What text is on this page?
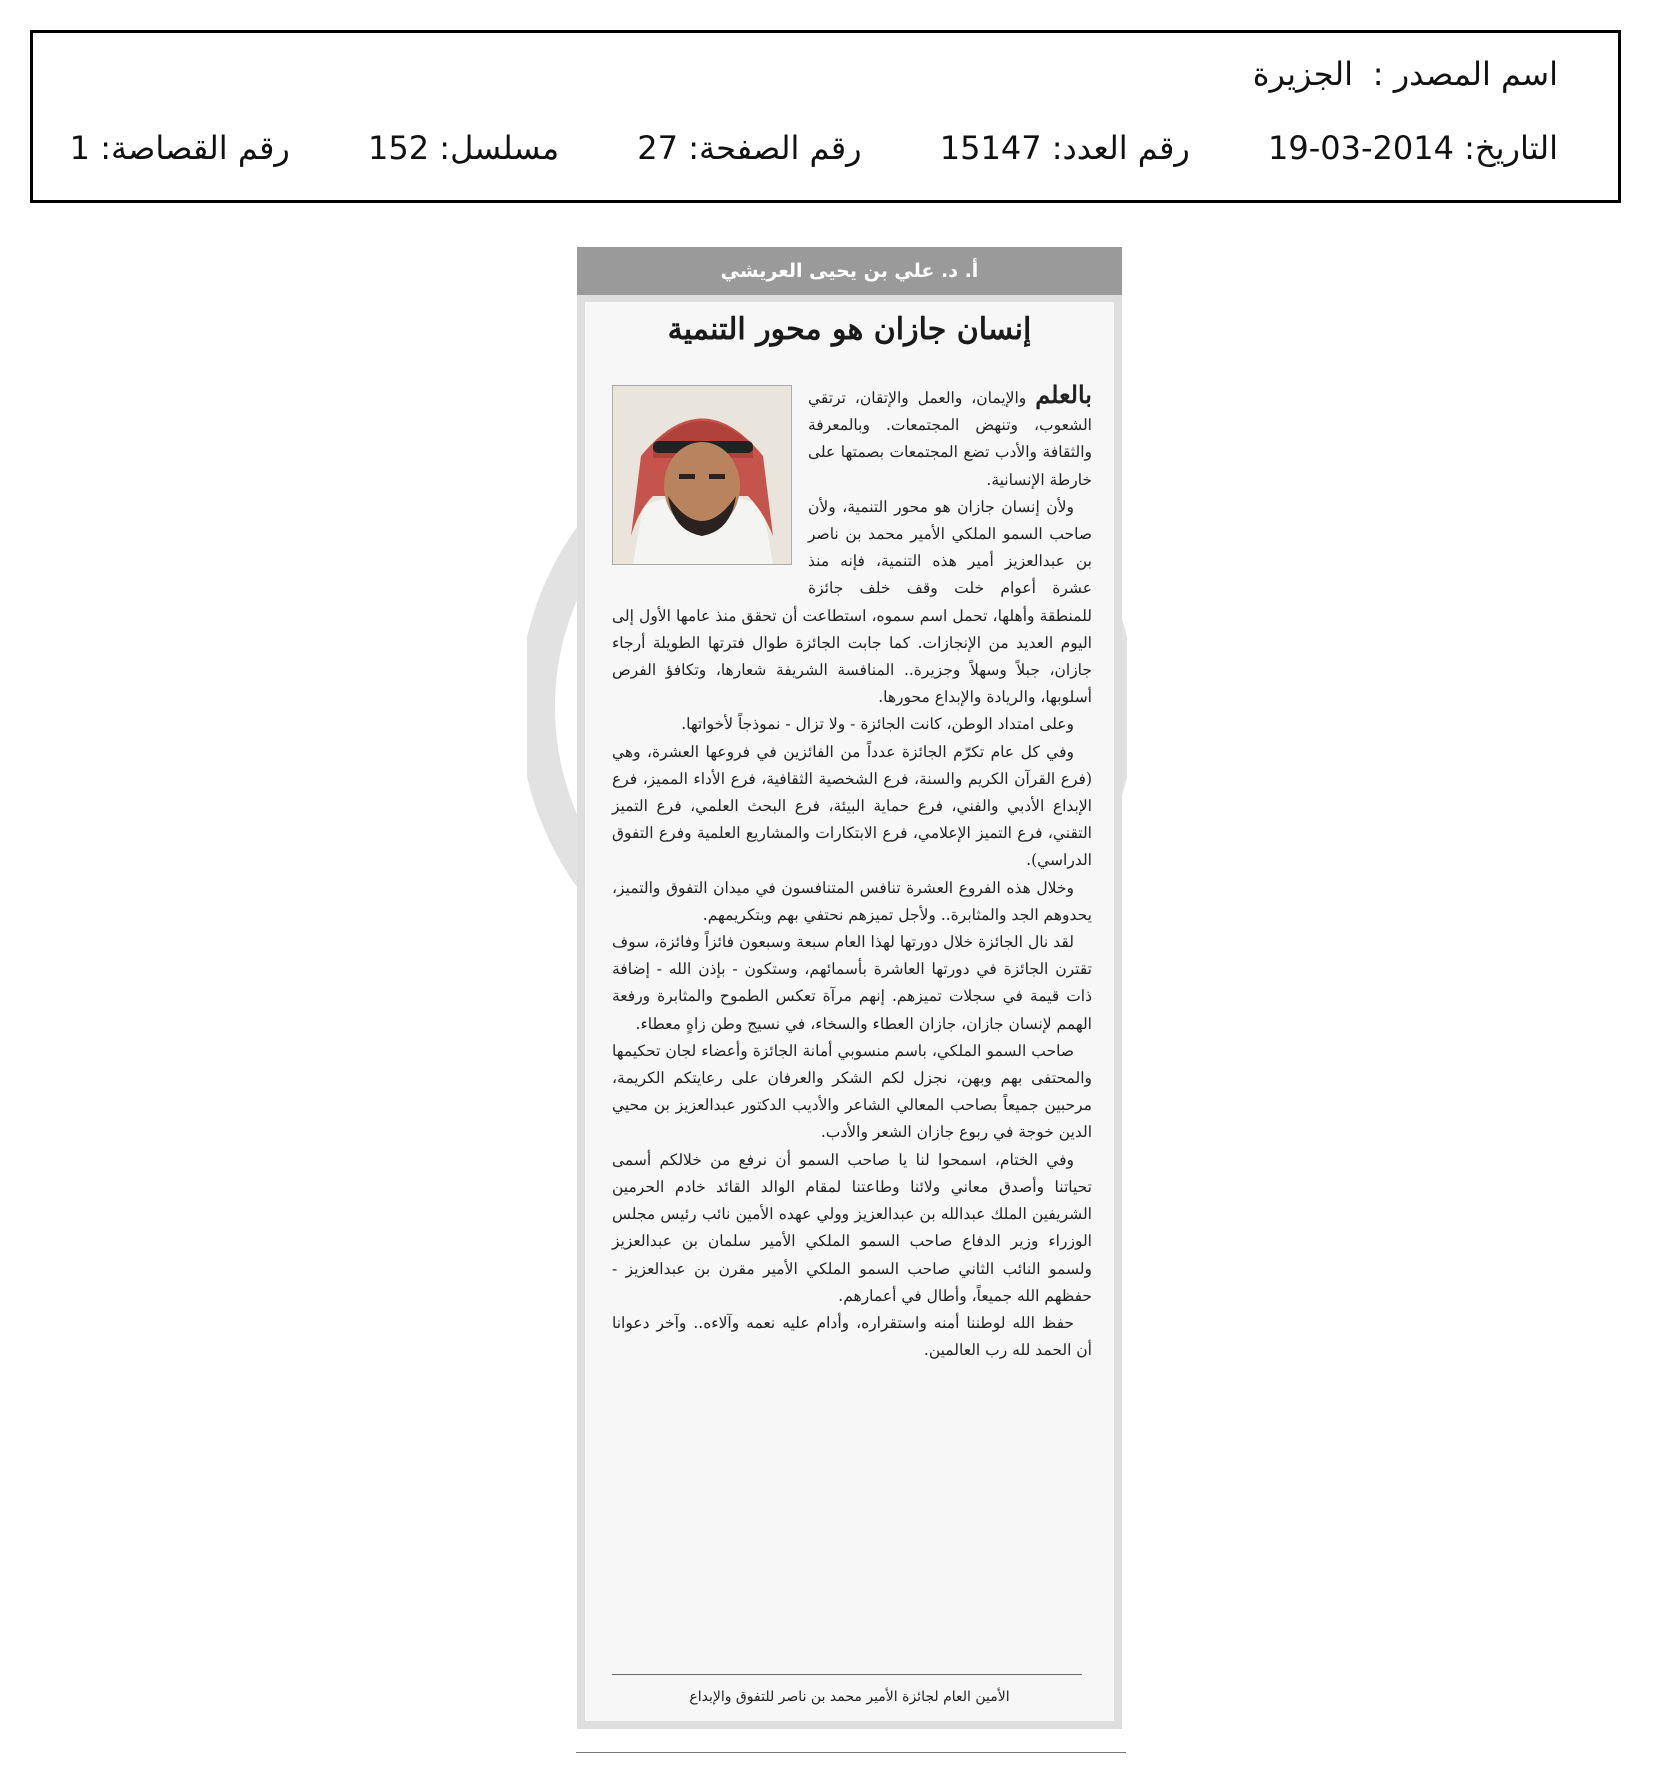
اسم المصدر :الجزيرة
التاريخ: 2014-03-19 رقم العدد: 15147 رقم الصفحة: 27 مسلسل: 152 رقم القصاصة: 1
أ. د. علي بن يحيى العريشي
إنسان جازان هو محور التنمية

بالعلم والإيمان، والعمل والإتقان، ترتقي الشعوب، وتنهض المجتمعات. وبالمعرفة والثقافة والأدب تضع المجتمعات بصمتها على خارطة الإنسانية.

ولأن إنسان جازان هو محور التنمية، ولأن صاحب السمو الملكي الأمير محمد بن ناصر بن عبدالعزيز أمير هذه التنمية، فإنه منذ عشرة أعوام خلت وقف خلف جائزة للمنطقة وأهلها، تحمل اسم سموه، استطاعت أن تحقق منذ عامها الأول إلى اليوم العديد من الإنجازات. كما جابت الجائزة طوال فترتها الطويلة أرجاء جازان، جبلاً وسهلاً وجزيرة.. المنافسة الشريفة شعارها، وتكافؤ الفرص أسلوبها، والريادة والإبداع محورها.

وعلى امتداد الوطن، كانت الجائزة - ولا تزال - نموذجاً لأخواتها.

وفي كل عام تكرّم الجائزة عدداً من الفائزين في فروعها العشرة، وهي (فرع القرآن الكريم والسنة، فرع الشخصية الثقافية، فرع الأداء المميز، فرع الإبداع الأدبي والفني، فرع حماية البيئة، فرع البحث العلمي، فرع التميز التقني، فرع التميز الإعلامي، فرع الابتكارات والمشاريع العلمية وفرع التفوق الدراسي).

وخلال هذه الفروع العشرة تنافس المتنافسون في ميدان التفوق والتميز، يحدوهم الجد والمثابرة.. ولأجل تميزهم نحتفي بهم وبتكريمهم.

لقد نال الجائزة خلال دورتها لهذا العام سبعة وسبعون فائزاً وفائزة، سوف تقترن الجائزة في دورتها العاشرة بأسمائهم، وستكون - بإذن الله - إضافة ذات قيمة في سجلات تميزهم. إنهم مرآة تعكس الطموح والمثابرة ورفعة الهمم لإنسان جازان، جازان العطاء والسخاء، في نسيج وطن زاهٍ معطاء.

صاحب السمو الملكي، باسم منسوبي أمانة الجائزة وأعضاء لجان تحكيمها والمحتفى بهم وبهن، نجزل لكم الشكر والعرفان على رعايتكم الكريمة، مرحبين جميعاً بصاحب المعالي الشاعر والأديب الدكتور عبدالعزيز بن محيي الدين خوجة في ربوع جازان الشعر والأدب.

وفي الختام، اسمحوا لنا يا صاحب السمو أن نرفع من خلالكم أسمى تحياتنا وأصدق معاني ولائنا وطاعتنا لمقام الوالد القائد خادم الحرمين الشريفين الملك عبدالله بن عبدالعزيز وولي عهده الأمين نائب رئيس مجلس الوزراء وزير الدفاع صاحب السمو الملكي الأمير سلمان بن عبدالعزيز ولسمو النائب الثاني صاحب السمو الملكي الأمير مقرن بن عبدالعزيز - حفظهم الله جميعاً، وأطال في أعمارهم.

حفظ الله لوطننا أمنه واستقراره، وأدام عليه نعمه وآلاءه.. وآخر دعوانا أن الحمد لله رب العالمين.

الأمين العام لجائزة الأمير محمد بن ناصر للتفوق والإبداع
